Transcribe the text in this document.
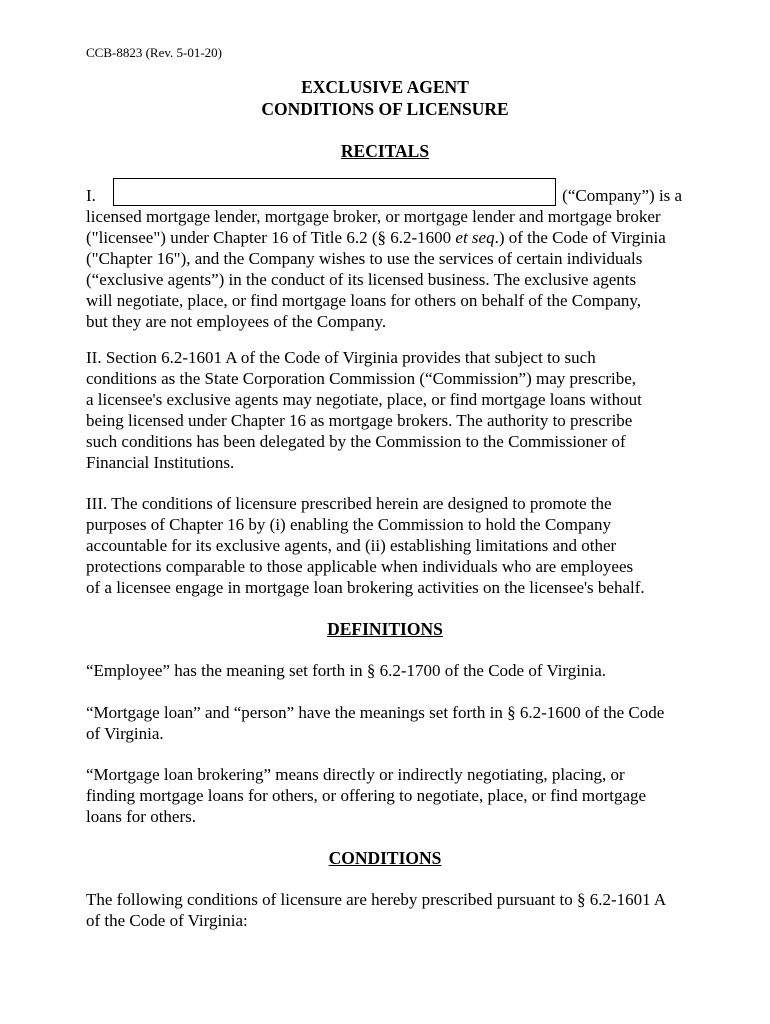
CCB-8823 (Rev. 5-01-20)
EXCLUSIVE AGENT
CONDITIONS OF LICENSURE
RECITALS
I.	(“Company”) is a
licensed mortgage lender, mortgage broker, or mortgage lender and mortgage broker
("licensee") under Chapter 16 of Title 6.2 (§ 6.2-1600 et seq.) of the Code of Virginia
("Chapter 16"), and the Company wishes to use the services of certain individuals
(“exclusive agents”) in the conduct of its licensed business. The exclusive agents
will negotiate, place, or find mortgage loans for others on behalf of the Company,
but they are not employees of the Company.
II. Section 6.2-1601 A of the Code of Virginia provides that subject to such
conditions as the State Corporation Commission (“Commission”) may prescribe,
a licensee's exclusive agents may negotiate, place, or find mortgage loans without
being licensed under Chapter 16 as mortgage brokers. The authority to prescribe
such conditions has been delegated by the Commission to the Commissioner of
Financial Institutions.
III. The conditions of licensure prescribed herein are designed to promote the
purposes of Chapter 16 by (i) enabling the Commission to hold the Company
accountable for its exclusive agents, and (ii) establishing limitations and other
protections comparable to those applicable when individuals who are employees
of a licensee engage in mortgage loan brokering activities on the licensee's behalf.
DEFINITIONS
“Employee” has the meaning set forth in § 6.2-1700 of the Code of Virginia.
“Mortgage loan” and “person” have the meanings set forth in § 6.2-1600 of the Code
of Virginia.
“Mortgage loan brokering” means directly or indirectly negotiating, placing, or
finding mortgage loans for others, or offering to negotiate, place, or find mortgage
loans for others.
CONDITIONS
The following conditions of licensure are hereby prescribed pursuant to § 6.2-1601 A
of the Code of Virginia:
